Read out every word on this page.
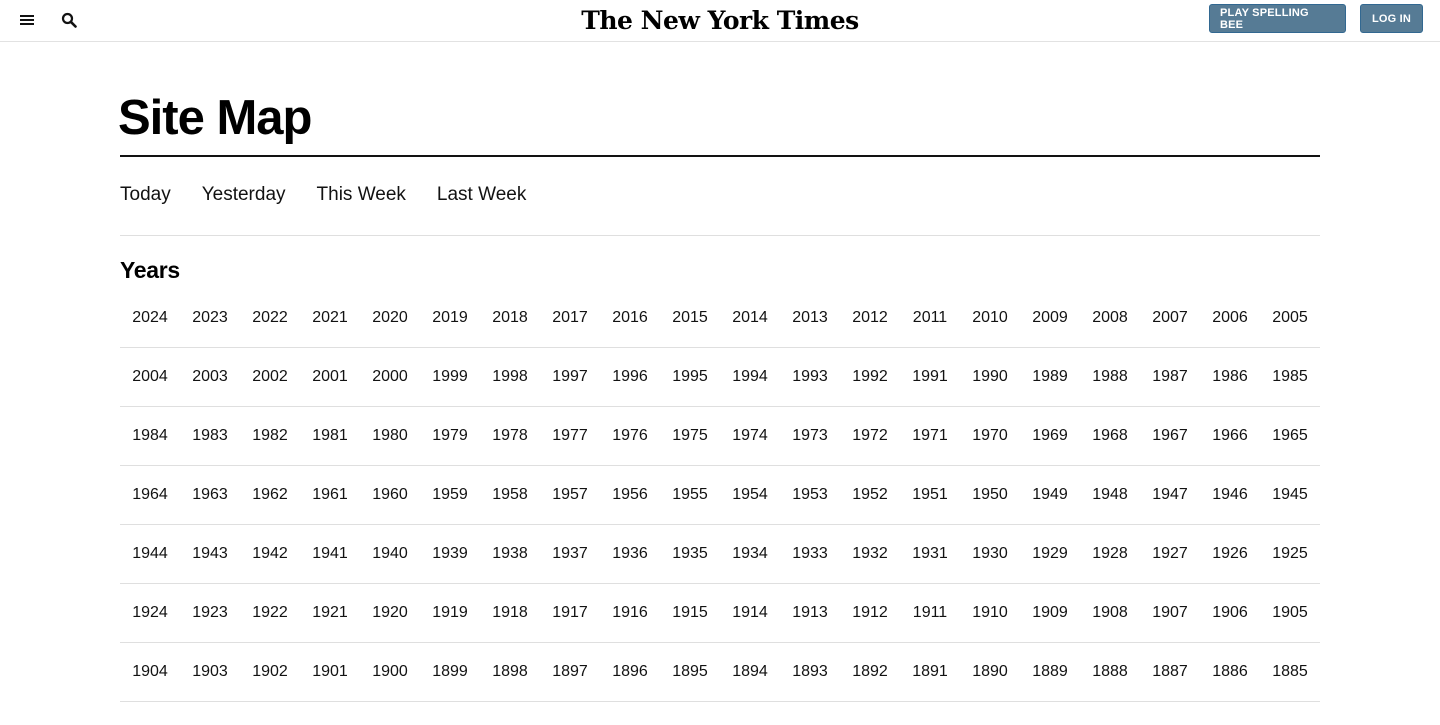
The New York Times	PLAY SPELLING BEE	LOG IN
Site Map
Today Yesterday This Week Last Week
Years
2024	2023	2022	2021	2020	2019	2018	2017	2016	2015	2014	2013	2012	2011	2010	2009	2008	2007	2006	2005
2004	2003	2002	2001	2000	1999	1998	1997	1996	1995	1994	1993	1992	1991	1990	1989	1988	1987	1986	1985
1984	1983	1982	1981	1980	1979	1978	1977	1976	1975	1974	1973	1972	1971	1970	1969	1968	1967	1966	1965
1964	1963	1962	1961	1960	1959	1958	1957	1956	1955	1954	1953	1952	1951	1950	1949	1948	1947	1946	1945
1944	1943	1942	1941	1940	1939	1938	1937	1936	1935	1934	1933	1932	1931	1930	1929	1928	1927	1926	1925
1924	1923	1922	1921	1920	1919	1918	1917	1916	1915	1914	1913	1912	1911	1910	1909	1908	1907	1906	1905
1904	1903	1902	1901	1900	1899	1898	1897	1896	1895	1894	1893	1892	1891	1890	1889	1888	1887	1886	1885
